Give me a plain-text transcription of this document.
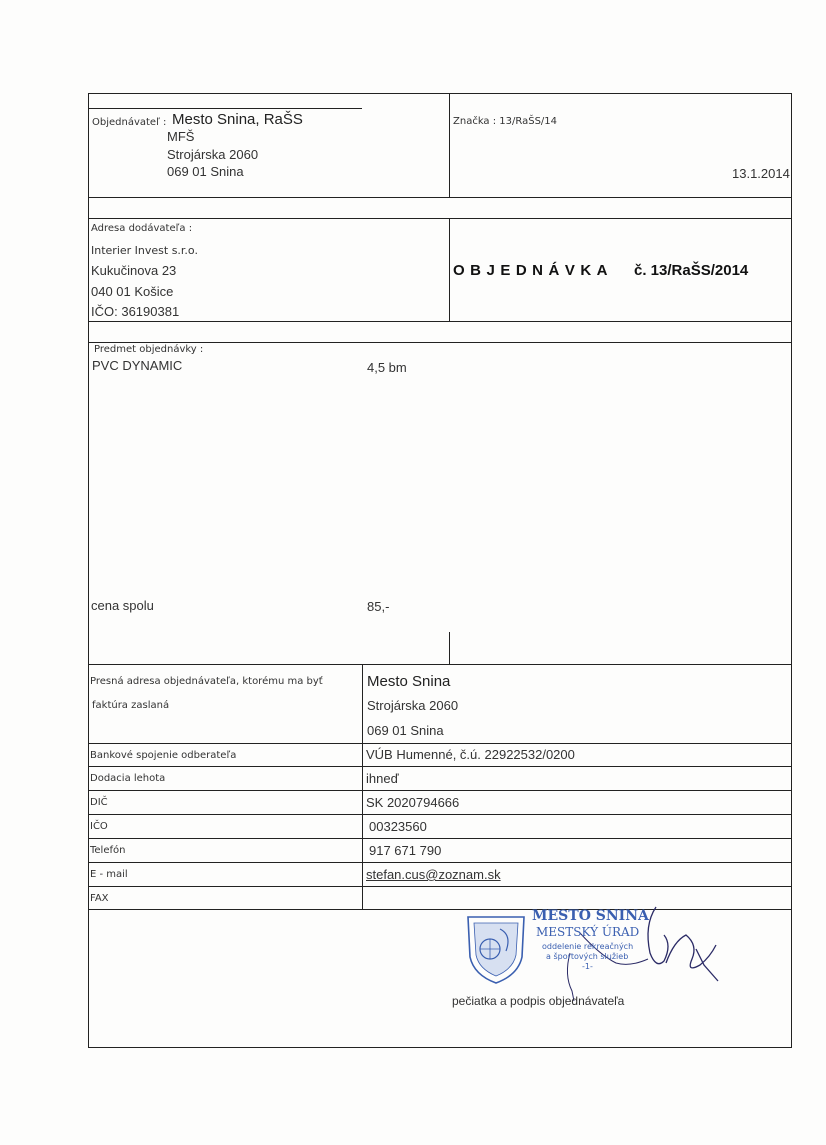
Objednávateľ : Mesto Snina, RaŠS
MFŠ
Strojárska 2060
069 01 Snina
Značka : 13/RaŠS/14
13.1.2014
Adresa dodávateľa :
Interier Invest s.r.o.
Kukučinova 23
040 01 Košice
IČO: 36190381
OBJEDNÁVKA č. 13/RaŠS/2014
Predmet objednávky :
PVC DYNAMIC	4,5 bm
cena spolu	85,-
Presná adresa objednávateľa, ktorému ma byť
faktúra zaslaná
Mesto Snina
Strojárska 2060
069 01 Snina
Bankové spojenie odberateľa	VÚB Humenné, č.ú. 22922532/0200
Dodacia lehota	ihneď
DIČ	SK 2020794666
IČO	00323560
Telefón	917 671 790
E - mail	stefan.cus@zoznam.sk
FAX
MESTO SNINA
MESTSKÝ ÚRAD
oddelenie rekreačných
a športových služieb
-1-
pečiatka a podpis objednávateľa
